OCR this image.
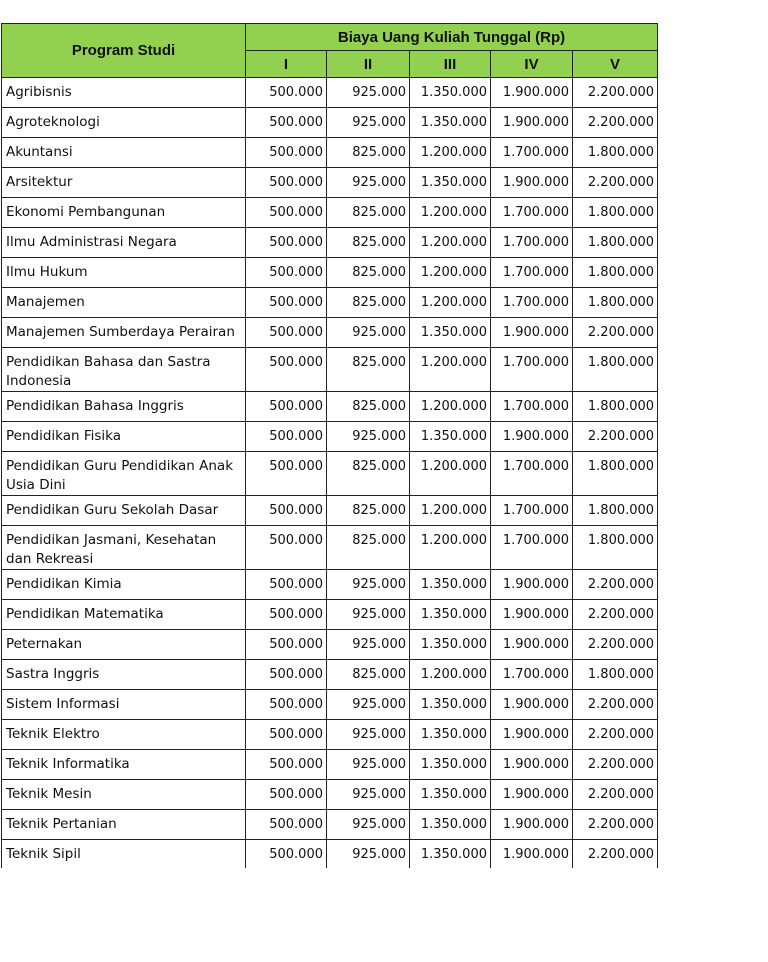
Program Studi	Biaya Uang Kuliah Tunggal (Rp)				
	I	II	III	IV	V
Agribisnis	500.000	925.000	1.350.000	1.900.000	2.200.000
Agroteknologi	500.000	925.000	1.350.000	1.900.000	2.200.000
Akuntansi	500.000	825.000	1.200.000	1.700.000	1.800.000
Arsitektur	500.000	925.000	1.350.000	1.900.000	2.200.000
Ekonomi Pembangunan	500.000	825.000	1.200.000	1.700.000	1.800.000
Ilmu Administrasi Negara	500.000	825.000	1.200.000	1.700.000	1.800.000
Ilmu Hukum	500.000	825.000	1.200.000	1.700.000	1.800.000
Manajemen	500.000	825.000	1.200.000	1.700.000	1.800.000
Manajemen Sumberdaya Perairan	500.000	925.000	1.350.000	1.900.000	2.200.000
Pendidikan Bahasa dan Sastra Indonesia	500.000	825.000	1.200.000	1.700.000	1.800.000
Pendidikan Bahasa Inggris	500.000	825.000	1.200.000	1.700.000	1.800.000
Pendidikan Fisika	500.000	925.000	1.350.000	1.900.000	2.200.000
Pendidikan Guru Pendidikan Anak Usia Dini	500.000	825.000	1.200.000	1.700.000	1.800.000
Pendidikan Guru Sekolah Dasar	500.000	825.000	1.200.000	1.700.000	1.800.000
Pendidikan Jasmani, Kesehatan dan Rekreasi	500.000	825.000	1.200.000	1.700.000	1.800.000
Pendidikan Kimia	500.000	925.000	1.350.000	1.900.000	2.200.000
Pendidikan Matematika	500.000	925.000	1.350.000	1.900.000	2.200.000
Peternakan	500.000	925.000	1.350.000	1.900.000	2.200.000
Sastra Inggris	500.000	825.000	1.200.000	1.700.000	1.800.000
Sistem Informasi	500.000	925.000	1.350.000	1.900.000	2.200.000
Teknik Elektro	500.000	925.000	1.350.000	1.900.000	2.200.000
Teknik Informatika	500.000	925.000	1.350.000	1.900.000	2.200.000
Teknik Mesin	500.000	925.000	1.350.000	1.900.000	2.200.000
Teknik Pertanian	500.000	925.000	1.350.000	1.900.000	2.200.000
Teknik Sipil	500.000	925.000	1.350.000	1.900.000	2.200.000
